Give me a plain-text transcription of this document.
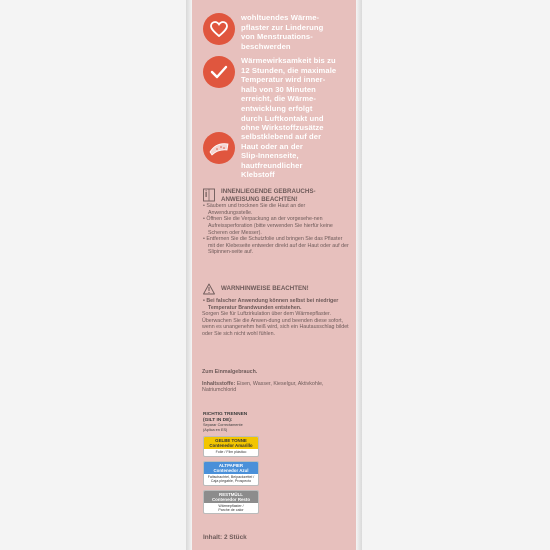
wohltuendes Wärme-
pflaster zur Linderung
von Menstruations-
beschwerden
Wärmewirksamkeit bis zu
12 Stunden, die maximale
Temperatur wird inner-
halb von 30 Minuten
erreicht, die Wärme-
entwicklung erfolgt
durch Luftkontakt und
ohne Wirkstoffzusätze
selbstklebend auf der
Haut oder an der
Slip-Innenseite,
hautfreundlicher
Klebstoff
INNENLIEGENDE GEBRAUCHS-
ANWEISUNG BEACHTEN!

• Säubern und trocknen Sie die Haut an der Anwendungsstelle.

• Öffnen Sie die Verpackung an der vorgesehe-nen Aufreissperforation (bitte verwenden Sie hierfür keine Scheren oder Messer).

• Entfernen Sie die Schutzfolie und bringen Sie das Pflaster mit der Klebeseite entweder direkt auf der Haut oder auf der Slipinnen-seite auf.

WARNHINWEISE BEACHTEN!

• Bei falscher Anwendung können selbst bei niedriger Temperatur Brandwunden entstehen.

Sorgen Sie für Luftzirkulation über dem Wärmepflaster. Überwachen Sie die Anwen-dung und beenden diese sofort, wenn es unangenehm heiß wird, sich ein Hautausschlag bildet oder Sie sich nicht wohl fühlen.
Zum Einmalgebrauch.
Inhaltsstoffe: Eisen, Wasser, Kieselgur, Aktivkohle, Natriumchlorid
RICHTIG TRENNEN
(GILT IN DE):
Separar Correctamente
(Aplica en ES)
GELBE TONNE
Contenedor Amarillo
Folie / Film plástico
ALTPAPIER
Contenedor Azul
Faltschachtel, Beipackzettel /
Caja plegable, Prospecto
RESTMÜLL
Contenedor Resto
Wärmepflaster /
Parche de calor
Inhalt: 2 Stück
